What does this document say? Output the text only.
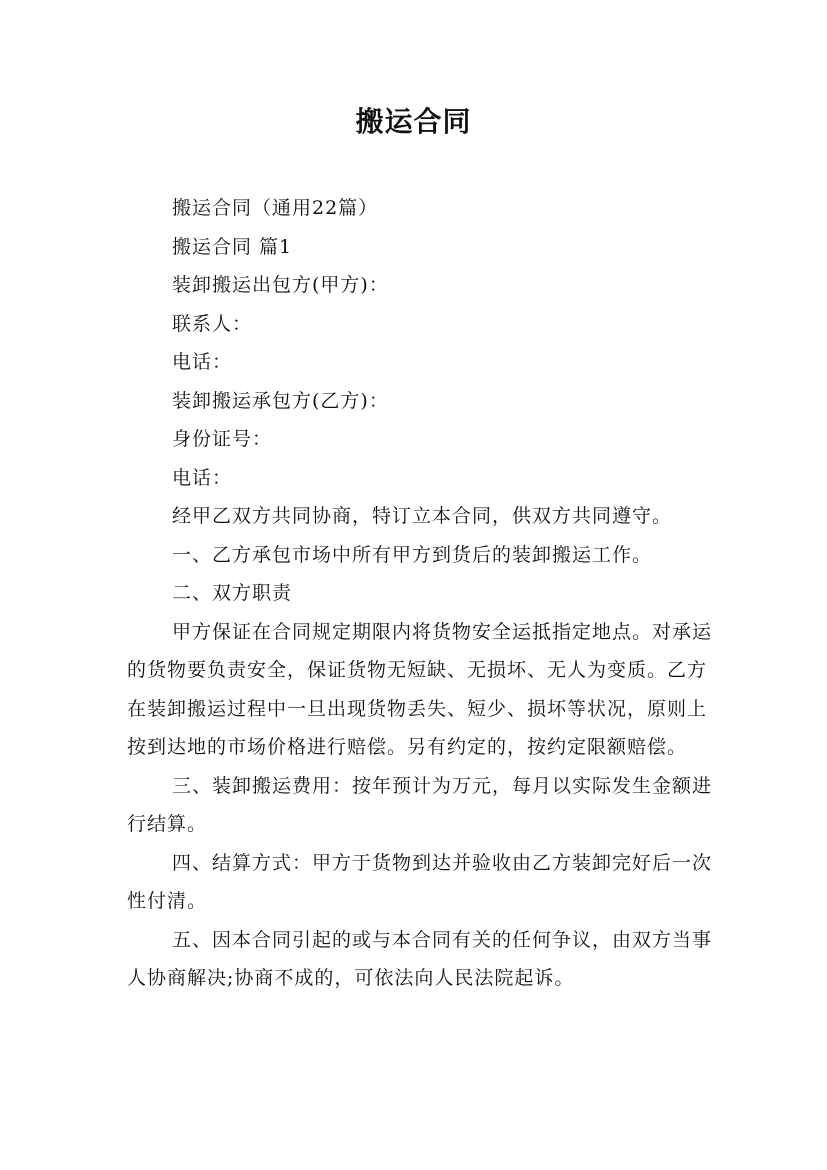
搬运合同
搬运合同（通用22篇）
搬运合同 篇1
装卸搬运出包方(甲方)：
联系人：
电话：
装卸搬运承包方(乙方)：
身份证号：
电话：
经甲乙双方共同协商，特订立本合同，供双方共同遵守。
一、乙方承包市场中所有甲方到货后的装卸搬运工作。
二、双方职责

甲方保证在合同规定期限内将货物安全运抵指定地点。对承运的货物要负责安全，保证货物无短缺、无损坏、无人为变质。乙方在装卸搬运过程中一旦出现货物丢失、短少、损坏等状况，原则上按到达地的市场价格进行赔偿。另有约定的，按约定限额赔偿。

三、装卸搬运费用：按年预计为万元，每月以实际发生金额进行结算。

四、结算方式：甲方于货物到达并验收由乙方装卸完好后一次性付清。

五、因本合同引起的或与本合同有关的任何争议，由双方当事人协商解决;协商不成的，可依法向人民法院起诉。
